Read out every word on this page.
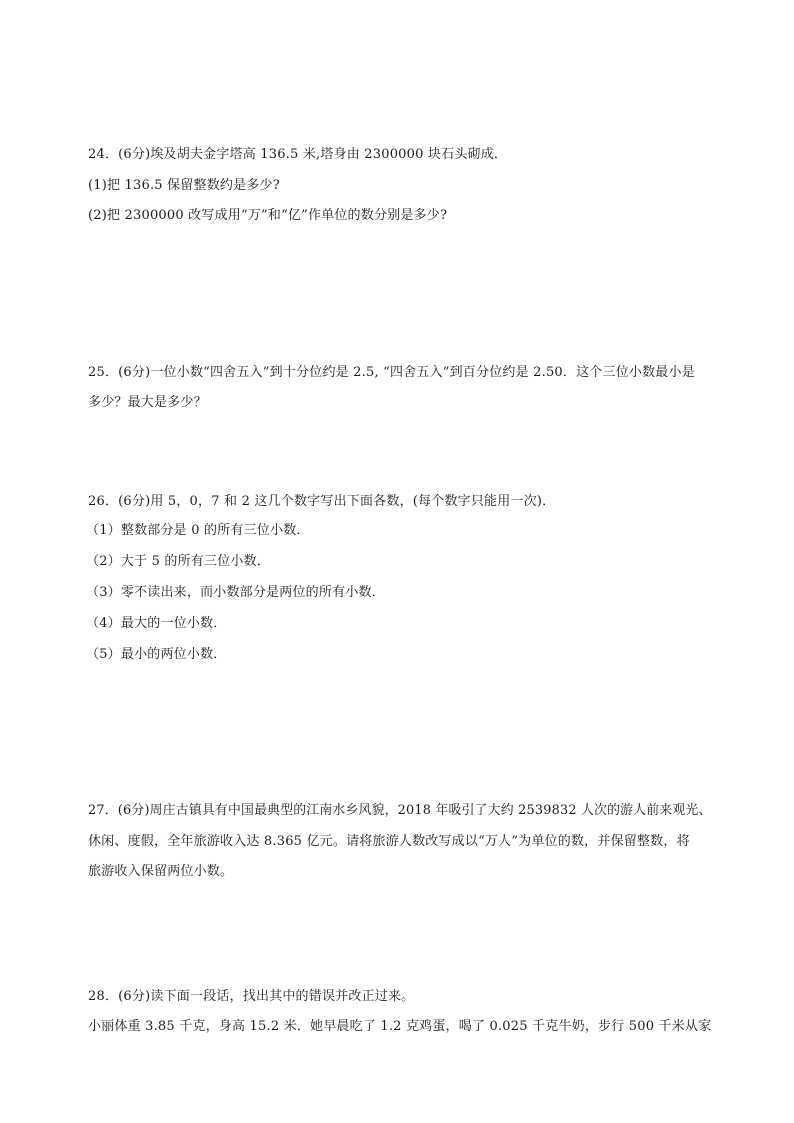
24．(6分)埃及胡夫金字塔高 136.5 米,塔身由 2300000 块石头砌成．
(1)把 136.5 保留整数约是多少?
(2)把 2300000 改写成用“万”和“亿”作单位的数分别是多少?
25．(6分)一位小数“四舍五入”到十分位约是 2.5, “四舍五入”到百分位约是 2.50．这个三位小数最小是
多少？最大是多少？
26．(6分)用 5，0，7 和 2 这几个数字写出下面各数，(每个数字只能用一次)．
（1）整数部分是 0 的所有三位小数．
（2）大于 5 的所有三位小数．
（3）零不读出来，而小数部分是两位的所有小数．
（4）最大的一位小数．
（5）最小的两位小数．
27．(6分)周庄古镇具有中国最典型的江南水乡风貌，2018 年吸引了大约 2539832 人次的游人前来观光、
休闲、度假，全年旅游收入达 8.365 亿元。请将旅游人数改写成以“万人”为单位的数，并保留整数，将
旅游收入保留两位小数。
28．(6分)读下面一段话，找出其中的错误并改正过来。
小丽体重 3.85 千克，身高 15.2 米．她早晨吃了 1.2 克鸡蛋，喝了 0.025 千克牛奶，步行 500 千米从家
